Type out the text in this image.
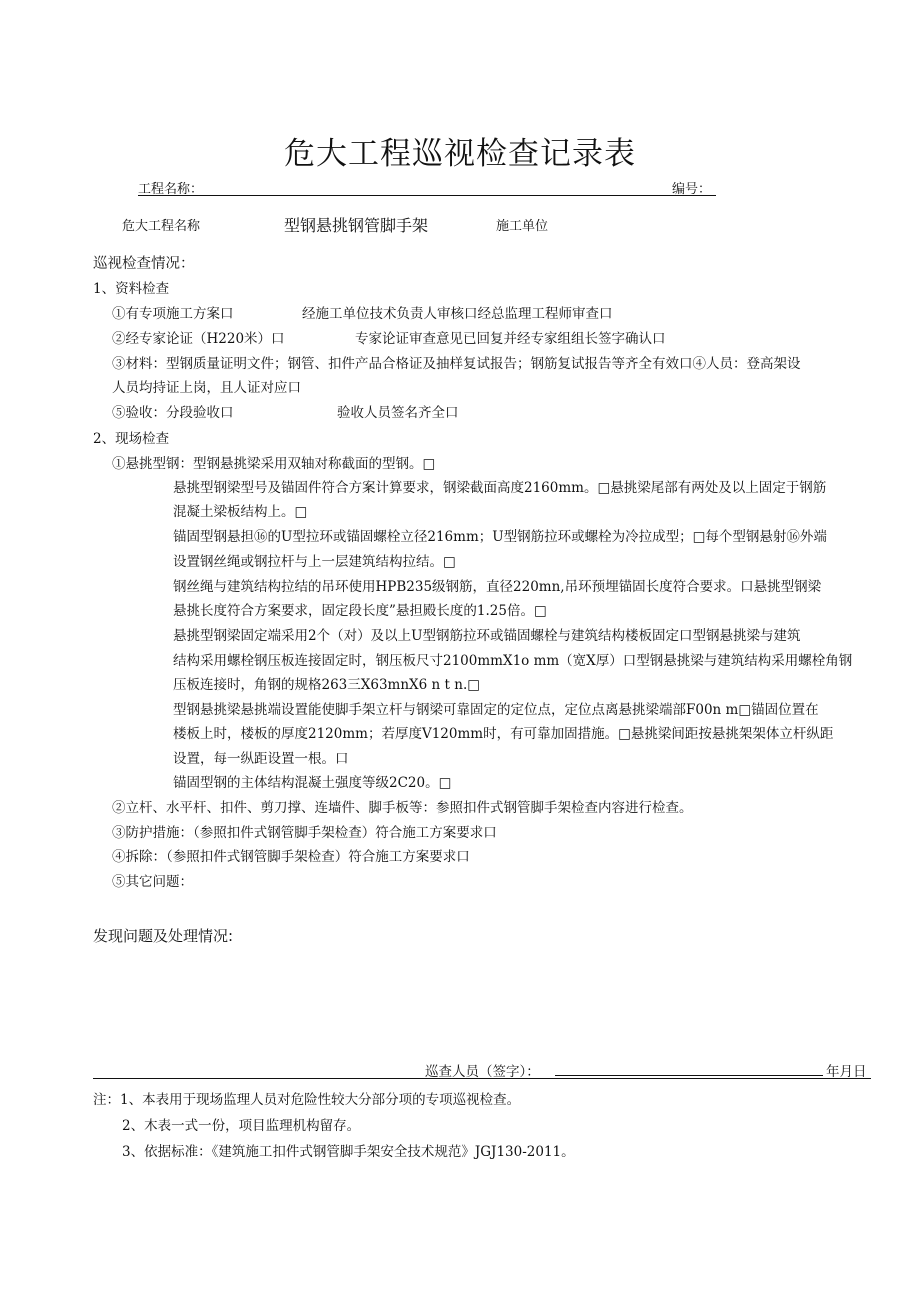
危大工程巡视检查记录表
工程名称：	编号：
危大工程名称	型钢悬挑钢管脚手架	施工单位
巡视检查情况：
1、资料检查
①有专项施工方案口	经施工单位技术负责人审核口经总监理工程师审查口
②经专家论证（H220米）口	专家论证审查意见已回复并经专家组组长签字确认口
③材料：型钢质量证明文件；钢管、扣件产品合格证及抽样复试报告；钢筋复试报告等齐全有效口④人员：登高架设
人员均持证上岗，且人证对应口
⑤验收：分段验收口	验收人员签名齐全口
2、现场检查
①悬挑型钢：型钢悬挑梁采用双轴对称截面的型钢。□
悬挑型钢梁型号及锚固件符合方案计算要求，钢梁截面高度2160mm。□悬挑梁尾部有两处及以上固定于钢筋
混凝土梁板结构上。□
锚固型钢悬担⑯的U型拉环或锚固螺栓立径216mm；U型钢筋拉环或螺栓为冷拉成型；□每个型钢悬射⑯外端
设置钢丝绳或钢拉杆与上一层建筑结构拉结。□
钢丝绳与建筑结构拉结的吊环使用HPB235级钢筋，直径220mn,吊环预埋锚固长度符合要求。口悬挑型钢梁
悬挑长度符合方案要求，固定段长度”悬担殿长度的1.25倍。□
悬挑型钢梁固定端采用2个（对）及以上U型钢筋拉环或锚固螺栓与建筑结构楼板固定口型钢悬挑梁与建筑
结构采用螺栓钢压板连接固定时，钢压板尺寸2100mmX1o mm（宽X厚）口型钢悬挑梁与建筑结构采用螺栓角钢
压板连接时，角钢的规格263三X63mnX6 n t n.□
型钢悬挑梁悬挑端设置能使脚手架立杆与钢梁可靠固定的定位点，定位点离悬挑梁端部F00n m□锚固位置在
楼板上时，楼板的厚度2120mm；若厚度V120mm时，有可靠加固措施。□悬挑梁间距按悬挑架架体立杆纵距
设置，每一纵距设置一根。口
锚固型钢的主体结构混凝土强度等级2C20。□
②立杆、水平杆、扣件、剪刀撑、连墙件、脚手板等：参照扣件式钢管脚手架检查内容进行检查。
③防护措施：（参照扣件式钢管脚手架检查）符合施工方案要求口
④拆除：（参照扣件式钢管脚手架检查）符合施工方案要求口
⑤其它问题：
发现问题及处理情况:
巡查人员（签字）：	年月日
注：1、本表用于现场监理人员对危险性较大分部分项的专项巡视检查。
2、木表一式一份，项目监理机构留存。
3、依据标准：《建筑施工扣件式钢管脚手架安全技术规范》JGJ130-2011。
